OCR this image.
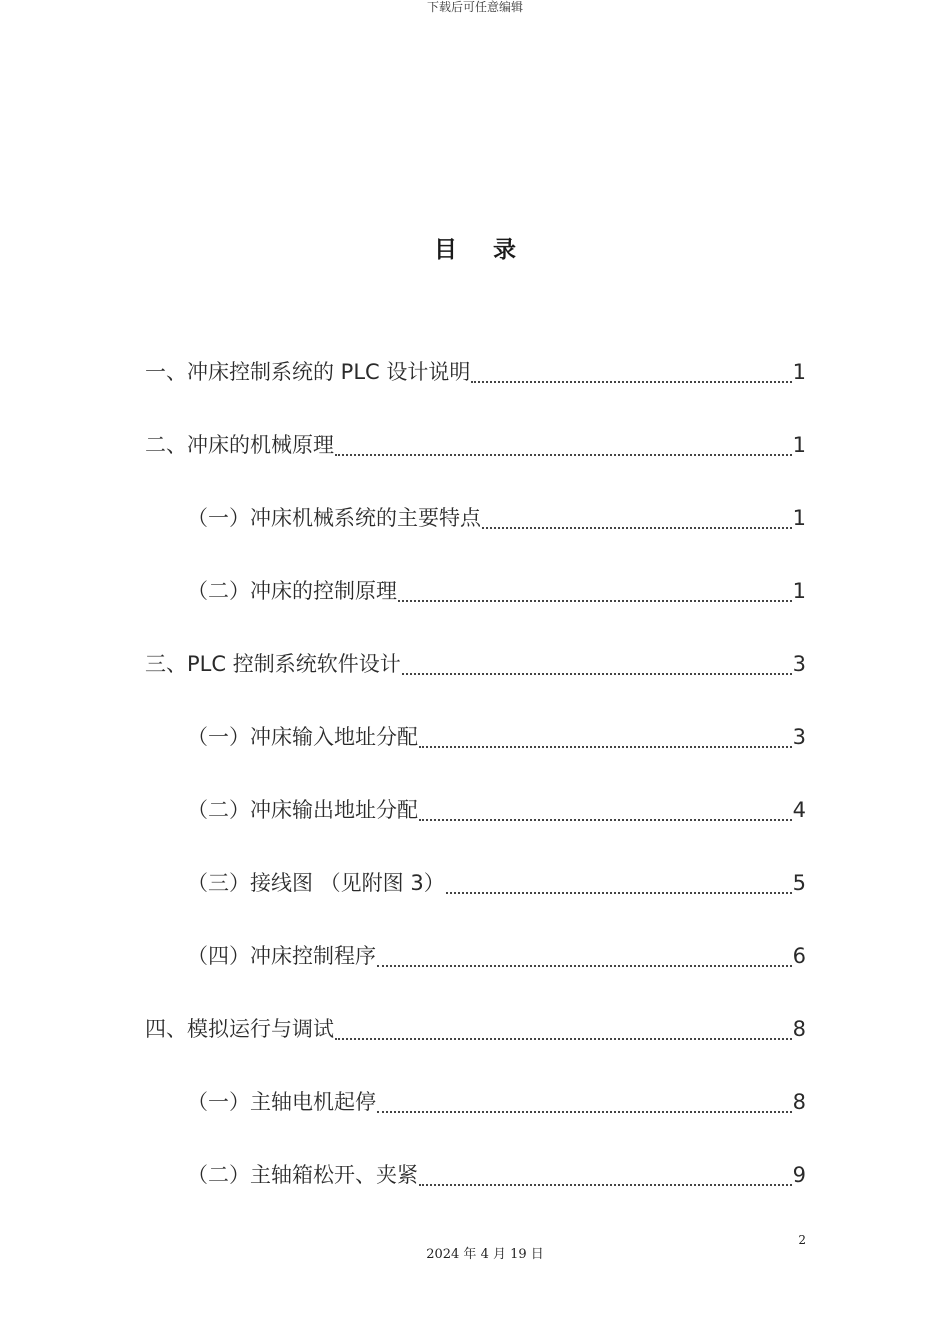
下载后可任意编辑
目 录
一、冲床控制系统的 PLC 设计说明	1
二、冲床的机械原理	1
（一）冲床机械系统的主要特点	1
（二）冲床的控制原理	1
三、PLC 控制系统软件设计	3
（一）冲床输入地址分配	3
（二）冲床输出地址分配	4
（三）接线图 （见附图 3）	5
（四）冲床控制程序	6
四、模拟运行与调试	8
（一）主轴电机起停	8
（二）主轴箱松开、夹紧	9
2
2024 年 4 月 19 日
